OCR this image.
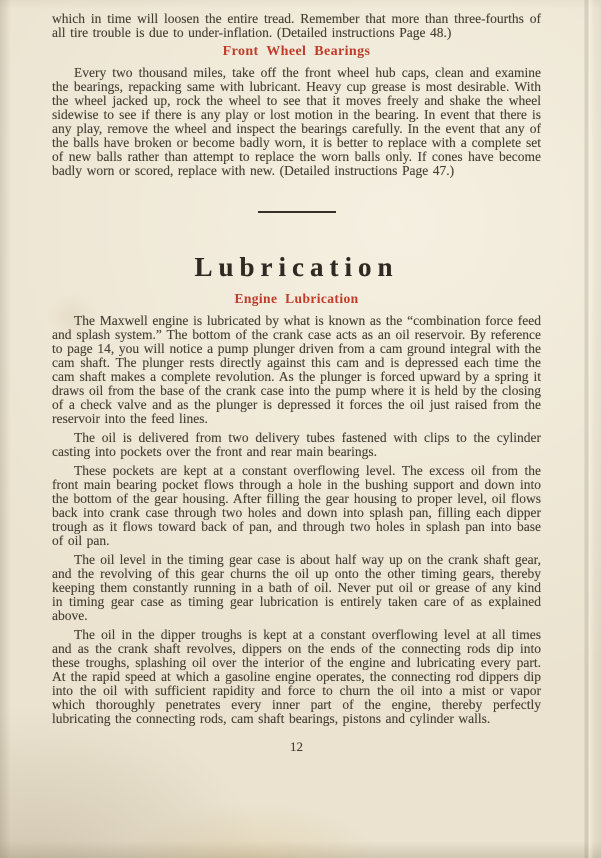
which in time will loosen the entire tread. Remember that more than three-fourths of all tire trouble is due to under-inflation. (Detailed instructions Page 48.)

Front Wheel Bearings

Every two thousand miles, take off the front wheel hub caps, clean and examine the bearings, repacking same with lubricant. Heavy cup grease is most desirable. With the wheel jacked up, rock the wheel to see that it moves freely and shake the wheel sidewise to see if there is any play or lost motion in the bearing. In event that there is any play, remove the wheel and inspect the bearings carefully. In the event that any of the balls have broken or become badly worn, it is better to replace with a complete set of new balls rather than attempt to replace the worn balls only. If cones have become badly worn or scored, replace with new. (Detailed instructions Page 47.)

Lubrication
Engine Lubrication

The Maxwell engine is lubricated by what is known as the “combination force feed and splash system.” The bottom of the crank case acts as an oil reservoir. By reference to page 14, you will notice a pump plunger driven from a cam ground integral with the cam shaft. The plunger rests directly against this cam and is depressed each time the cam shaft makes a complete revolution. As the plunger is forced upward by a spring it draws oil from the base of the crank case into the pump where it is held by the closing of a check valve and as the plunger is depressed it forces the oil just raised from the reservoir into the feed lines.

The oil is delivered from two delivery tubes fastened with clips to the cylinder casting into pockets over the front and rear main bearings.

These pockets are kept at a constant overflowing level. The excess oil from the front main bearing pocket flows through a hole in the bushing support and down into the bottom of the gear housing. After filling the gear housing to proper level, oil flows back into crank case through two holes and down into splash pan, filling each dipper trough as it flows toward back of pan, and through two holes in splash pan into base of oil pan.

The oil level in the timing gear case is about half way up on the crank shaft gear, and the revolving of this gear churns the oil up onto the other timing gears, thereby keeping them constantly running in a bath of oil. Never put oil or grease of any kind in timing gear case as timing gear lubrication is entirely taken care of as explained above.

The oil in the dipper troughs is kept at a constant overflowing level at all times and as the crank shaft revolves, dippers on the ends of the connecting rods dip into these troughs, splashing oil over the interior of the engine and lubricating every part. At the rapid speed at which a gasoline engine operates, the connecting rod dippers dip into the oil with sufficient rapidity and force to churn the oil into a mist or vapor which thoroughly penetrates every inner part of the engine, thereby perfectly lubricating the connecting rods, cam shaft bearings, pistons and cylinder walls.

12
